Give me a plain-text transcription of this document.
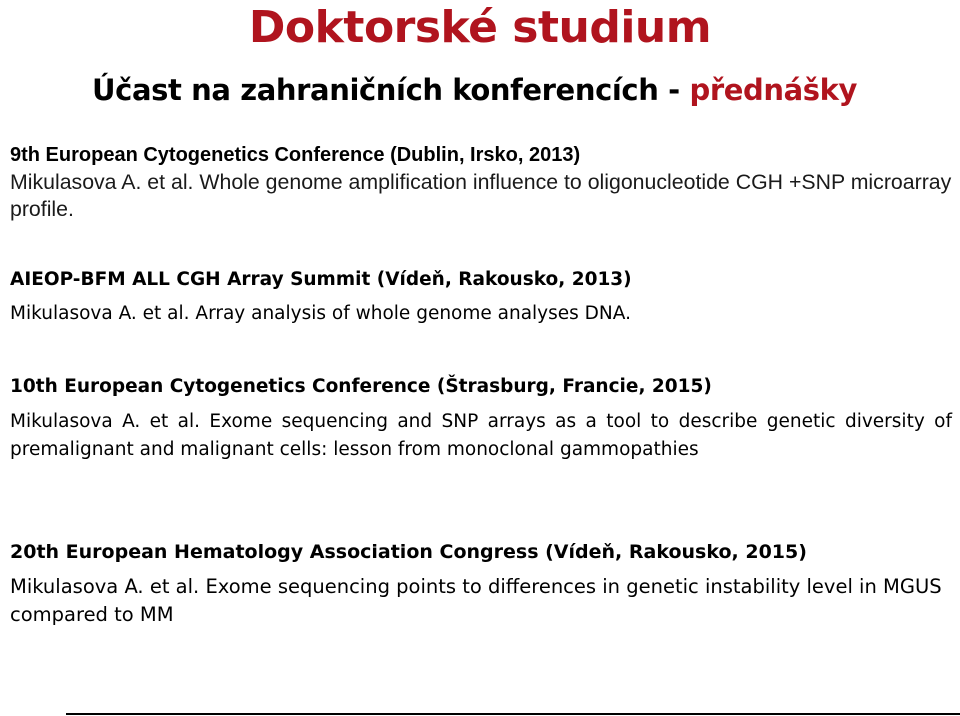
Doktorské studium
Účast na zahraničních konferencích - přednášky

9th European Cytogenetics Conference (Dublin, Irsko, 2013)

Mikulasova A. et al. Whole genome amplification influence to oligonucleotide CGH +SNP microarray profile.

AIEOP-BFM ALL CGH Array Summit (Vídeň, Rakousko, 2013)

Mikulasova A. et al. Array analysis of whole genome analyses DNA.

10th European Cytogenetics Conference (Štrasburg, Francie, 2015)

Mikulasova A. et al. Exome sequencing and SNP arrays as a tool to describe genetic diversity of premalignant and malignant cells: lesson from monoclonal gammopathies

20th European Hematology Association Congress (Vídeň, Rakousko, 2015)

Mikulasova A. et al. Exome sequencing points to differences in genetic instability level in MGUS compared to MM
